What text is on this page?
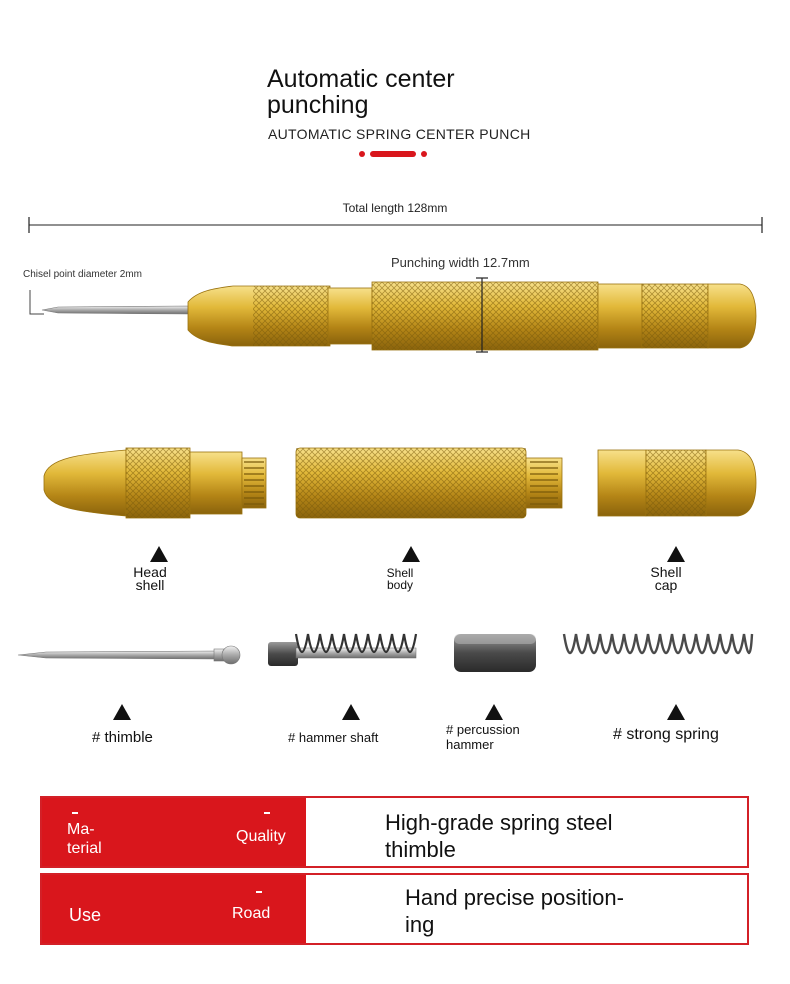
Automatic center punching
AUTOMATIC SPRING CENTER PUNCH
Total length 128mm
Chisel point diameter 2mm
Punching width 12.7mm
Head
shell
Shell
body
Shell
cap
# thimble	# hammer shaft
# percussion
hammer
# strong spring
Ma-
terial
Quality
High-grade spring steel
thimble
Use	Road
Hand precise position-
ing
